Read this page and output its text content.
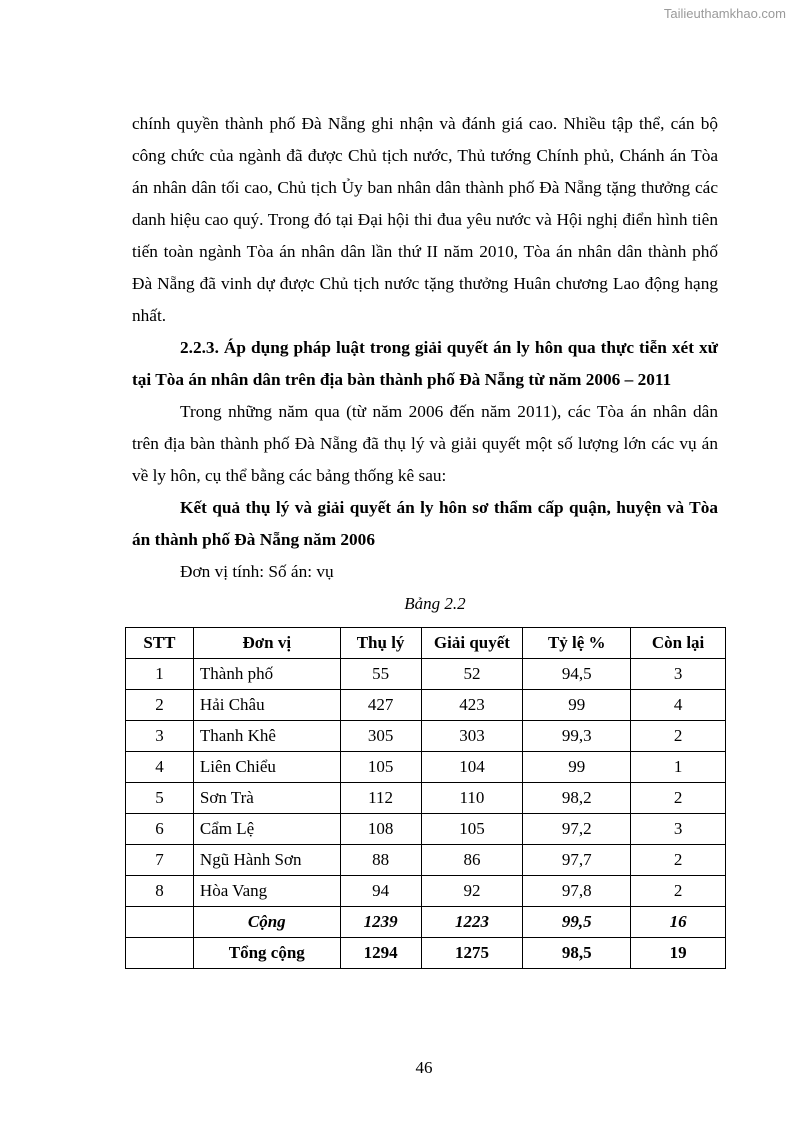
Tailieuthamkhao.com

chính quyền thành phố Đà Nẵng ghi nhận và đánh giá cao. Nhiều tập thể, cán bộ công chức của ngành đã được Chủ tịch nước, Thủ tướng Chính phủ, Chánh án Tòa án nhân dân tối cao, Chủ tịch Ủy ban nhân dân thành phố Đà Nẵng tặng thưởng các danh hiệu cao quý. Trong đó tại Đại hội thi đua yêu nước và Hội nghị điển hình tiên tiến toàn ngành Tòa án nhân dân lần thứ II năm 2010, Tòa án nhân dân thành phố Đà Nẵng đã vinh dự được Chủ tịch nước tặng thưởng Huân chương Lao động hạng nhất.

2.2.3. Áp dụng pháp luật trong giải quyết án ly hôn qua thực tiễn xét xử tại Tòa án nhân dân trên địa bàn thành phố Đà Nẵng từ năm 2006 – 2011

Trong những năm qua (từ năm 2006 đến năm 2011), các Tòa án nhân dân trên địa bàn thành phố Đà Nẵng đã thụ lý và giải quyết một số lượng lớn các vụ án về ly hôn, cụ thể bằng các bảng thống kê sau:

Kết quả thụ lý và giải quyết án ly hôn sơ thẩm cấp quận, huyện và Tòa án thành phố Đà Nẵng năm 2006

Đơn vị tính: Số án: vụ

Bảng 2.2
STT	Đơn vị	Thụ lý	Giải quyết	Tỷ lệ %	Còn lại
1	Thành phố	55	52	94,5	3
2	Hải Châu	427	423	99	4
3	Thanh Khê	305	303	99,3	2
4	Liên Chiểu	105	104	99	1
5	Sơn Trà	112	110	98,2	2
6	Cẩm Lệ	108	105	97,2	3
7	Ngũ Hành Sơn	88	86	97,7	2
8	Hòa Vang	94	92	97,8	2
	Cộng	1239	1223	99,5	16
	Tổng cộng	1294	1275	98,5	19
46
